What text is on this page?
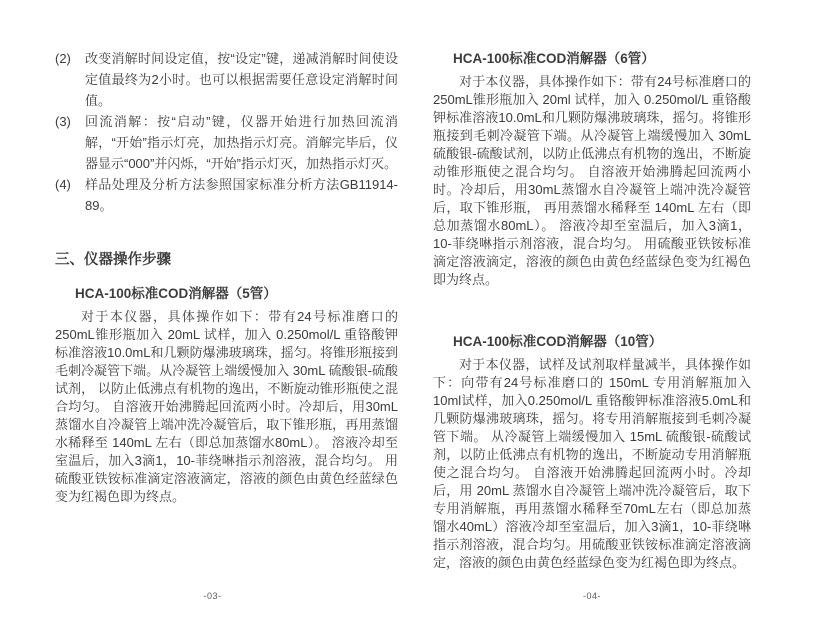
(2) 改变消解时间设定值，按“设定”键，递减消解时间使设定值最终为2小时。也可以根据需要任意设定消解时间值。
(3) 回流消解：按“启动”键，仪器开始进行加热回流消解，“开始”指示灯亮，加热指示灯亮。消解完毕后，仪器显示“000”并闪烁，“开始”指示灯灭，加热指示灯灭。
(4) 样品处理及分析方法参照国家标准分析方法GB11914-89。
三、仪器操作步骤
HCA-100标准COD消解器（5管）
对于本仪器，具体操作如下：带有24号标准磨口的250mL锥形瓶加入 20mL 试样，加入 0.250mol/L 重铬酸钾标准溶液10.0mL和几颗防爆沸玻璃珠，摇匀。将锥形瓶接到毛刺冷凝管下端。从冷凝管上端缓慢加入 30mL 硫酸银-硫酸试剂， 以防止低沸点有机物的逸出，不断旋动锥形瓶使之混合均匀。 自溶液开始沸腾起回流两小时。冷却后，用30mL蒸馏水自冷凝管上端冲洗冷凝管后，取下锥形瓶，再用蒸馏水稀释至 140mL 左右（即总加蒸馏水80mL）。 溶液冷却至室温后，加入3滴1，10-菲绕啉指示剂溶液，混合均匀。 用硫酸亚铁铵标准滴定溶液滴定，溶液的颜色由黄色经蓝绿色变为红褐色即为终点。
-03-
HCA-100标准COD消解器（6管）
对于本仪器，具体操作如下：带有24号标准磨口的250mL锥形瓶加入 20ml 试样，加入 0.250mol/L 重铬酸钾标准溶液10.0mL和几颗防爆沸玻璃珠，摇匀。将锥形瓶接到毛刺冷凝管下端。从冷凝管上端缓慢加入 30mL 硫酸银-硫酸试剂，以防止低沸点有机物的逸出，不断旋动锥形瓶使之混合均匀。 自溶液开始沸腾起回流两小时。冷却后，用30mL蒸馏水自冷凝管上端冲洗冷凝管后，取下锥形瓶， 再用蒸馏水稀释至 140mL 左右（即总加蒸馏水80mL）。 溶液冷却至室温后，加入3滴1，10-菲绕啉指示剂溶液，混合均匀。 用硫酸亚铁铵标准滴定溶液滴定，溶液的颜色由黄色经蓝绿色变为红褐色即为终点。
HCA-100标准COD消解器（10管）
对于本仪器，试样及试剂取样量减半，具体操作如下：向带有24号标准磨口的 150mL 专用消解瓶加入10ml试样，加入0.250mol/L 重铬酸钾标准溶液5.0mL和几颗防爆沸玻璃珠，摇匀。将专用消解瓶接到毛刺冷凝管下端。 从冷凝管上端缓慢加入 15mL 硫酸银-硫酸试剂，以防止低沸点有机物的逸出，不断旋动专用消解瓶使之混合均匀。 自溶液开始沸腾起回流两小时。冷却后，用 20mL 蒸馏水自冷凝管上端冲洗冷凝管后，取下专用消解瓶，再用蒸馏水稀释至70mL左右（即总加蒸馏水40mL）溶液冷却至室温后，加入3滴1，10-菲绕啉指示剂溶液，混合均匀。用硫酸亚铁铵标准滴定溶液滴定，溶液的颜色由黄色经蓝绿色变为红褐色即为终点。
-04-
